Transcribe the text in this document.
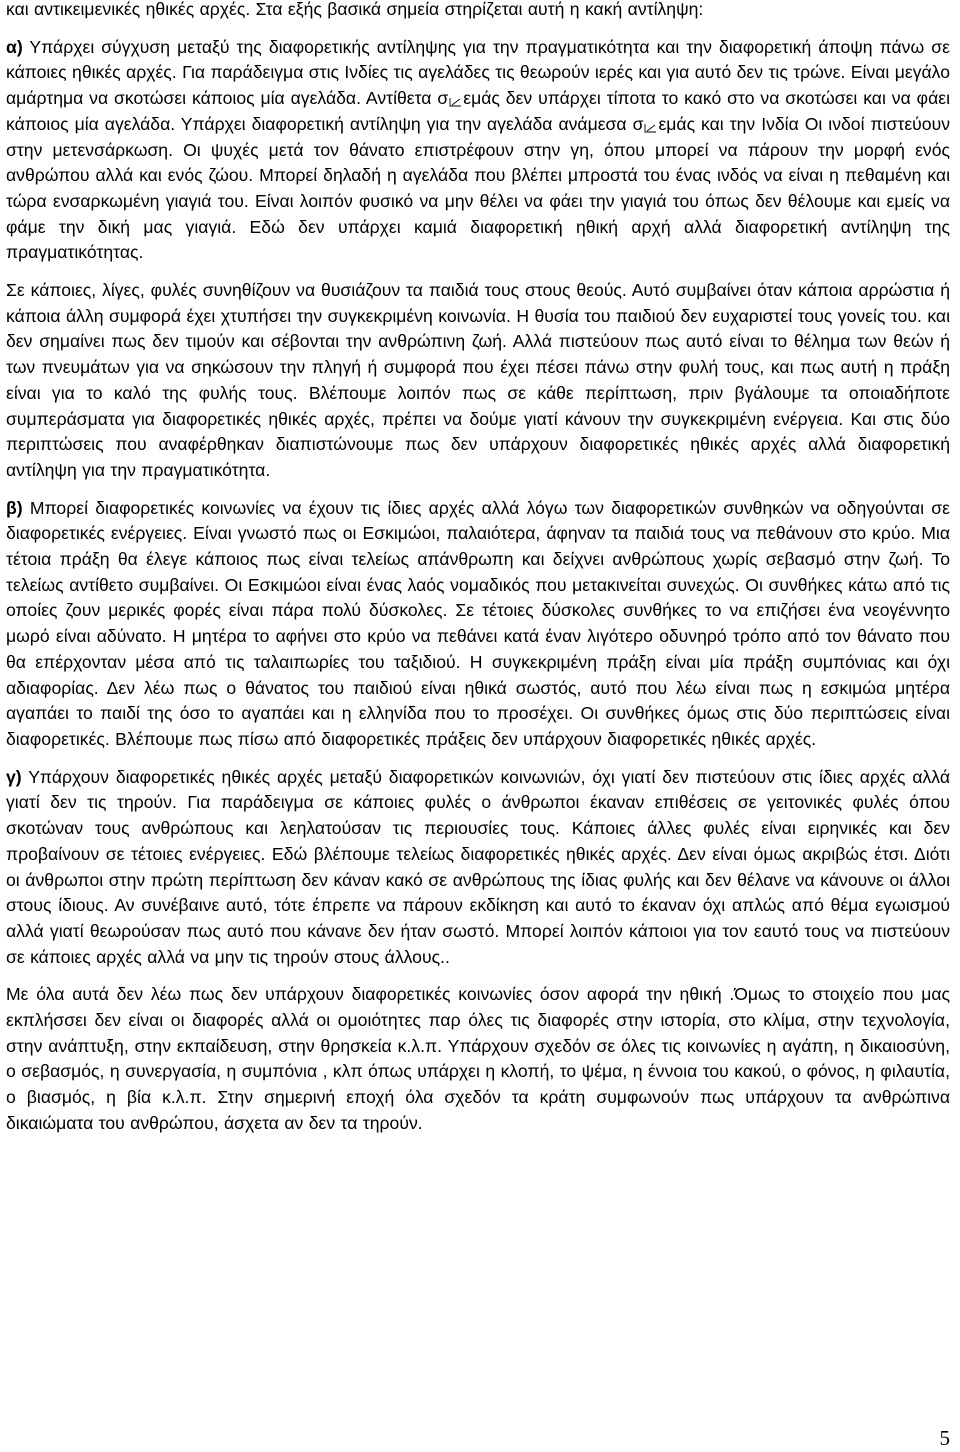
και αντικειμενικές ηθικές αρχές. Στα εξής βασικά σημεία στηρίζεται αυτή η κακή αντίληψη:

α) Υπάρχει σύγχυση μεταξύ της διαφορετικής αντίληψης για την πραγματικότητα και την διαφορετική άποψη πάνω σε κάποιες ηθικές αρχές. Για παράδειγμα στις Ινδίες τις αγελάδες τις θεωρούν ιερές και για αυτό δεν τις τρώνε. Είναι μεγάλο αμάρτημα να σκοτώσει κάποιος μία αγελάδα. Αντίθετα σ εμάς δεν υπάρχει τίποτα το κακό στο να σκοτώσει και να φάει κάποιος μία αγελάδα. Υπάρχει διαφορετική αντίληψη για την αγελάδα ανάμεσα σ εμάς και την Ινδία Οι ινδοί πιστεύουν στην μετενσάρκωση. Οι ψυχές μετά τον θάνατο επιστρέφουν στην γη, όπου μπορεί να πάρουν την μορφή ενός ανθρώπου αλλά και ενός ζώου. Μπορεί δηλαδή η αγελάδα που βλέπει μπροστά του ένας ινδός να είναι η πεθαμένη και τώρα ενσαρκωμένη γιαγιά του. Είναι λοιπόν φυσικό να μην θέλει να φάει την γιαγιά του όπως δεν θέλουμε και εμείς να φάμε την δική μας γιαγιά. Εδώ δεν υπάρχει καμιά διαφορετική ηθική αρχή αλλά διαφορετική αντίληψη της πραγματικότητας.

Σε κάποιες, λίγες, φυλές συνηθίζουν να θυσιάζουν τα παιδιά τους στους θεούς. Αυτό συμβαίνει όταν κάποια αρρώστια ή κάποια άλλη συμφορά έχει χτυπήσει την συγκεκριμένη κοινωνία. Η θυσία του παιδιού δεν ευχαριστεί τους γονείς του. και δεν σημαίνει πως δεν τιμούν και σέβονται την ανθρώπινη ζωή. Αλλά πιστεύουν πως αυτό είναι το θέλημα των θεών ή των πνευμάτων για να σηκώσουν την πληγή ή συμφορά που έχει πέσει πάνω στην φυλή τους, και πως αυτή η πράξη είναι για το καλό της φυλής τους. Βλέπουμε λοιπόν πως σε κάθε περίπτωση, πριν βγάλουμε τα οποιαδήποτε συμπεράσματα για διαφορετικές ηθικές αρχές, πρέπει να δούμε γιατί κάνουν την συγκεκριμένη ενέργεια. Και στις δύο περιπτώσεις που αναφέρθηκαν διαπιστώνουμε πως δεν υπάρχουν διαφορετικές ηθικές αρχές αλλά διαφορετική αντίληψη για την πραγματικότητα.

β) Μπορεί διαφορετικές κοινωνίες να έχουν τις ίδιες αρχές αλλά λόγω των διαφορετικών συνθηκών να οδηγούνται σε διαφορετικές ενέργειες. Είναι γνωστό πως οι Εσκιμώοι, παλαιότερα, άφηναν τα παιδιά τους να πεθάνουν στο κρύο. Μια τέτοια πράξη θα έλεγε κάποιος πως είναι τελείως απάνθρωπη και δείχνει ανθρώπους χωρίς σεβασμό στην ζωή. Το τελείως αντίθετο συμβαίνει. Οι Εσκιμώοι είναι ένας λαός νομαδικός που μετακινείται συνεχώς. Οι συνθήκες κάτω από τις οποίες ζουν μερικές φορές είναι πάρα πολύ δύσκολες. Σε τέτοιες δύσκολες συνθήκες το να επιζήσει ένα νεογέννητο μωρό είναι αδύνατο. Η μητέρα το αφήνει στο κρύο να πεθάνει κατά έναν λιγότερο οδυνηρό τρόπο από τον θάνατο που θα επέρχονταν μέσα από τις ταλαιπωρίες του ταξιδιού. Η συγκεκριμένη πράξη είναι μία πράξη συμπόνιας και όχι αδιαφορίας. Δεν λέω πως ο θάνατος του παιδιού είναι ηθικά σωστός, αυτό που λέω είναι πως η εσκιμώα μητέρα αγαπάει το παιδί της όσο το αγαπάει και η ελληνίδα που το προσέχει. Οι συνθήκες όμως στις δύο περιπτώσεις είναι διαφορετικές. Βλέπουμε πως πίσω από διαφορετικές πράξεις δεν υπάρχουν διαφορετικές ηθικές αρχές.

γ) Υπάρχουν διαφορετικές ηθικές αρχές μεταξύ διαφορετικών κοινωνιών, όχι γιατί δεν πιστεύουν στις ίδιες αρχές αλλά γιατί δεν τις τηρούν. Για παράδειγμα σε κάποιες φυλές ο άνθρωποι έκαναν επιθέσεις σε γειτονικές φυλές όπου σκοτώναν τους ανθρώπους και λεηλατούσαν τις περιουσίες τους. Κάποιες άλλες φυλές είναι ειρηνικές και δεν προβαίνουν σε τέτοιες ενέργειες. Εδώ βλέπουμε τελείως διαφορετικές ηθικές αρχές. Δεν είναι όμως ακριβώς έτσι. Διότι οι άνθρωποι στην πρώτη περίπτωση δεν κάναν κακό σε ανθρώπους της ίδιας φυλής και δεν θέλανε να κάνουνε οι άλλοι στους ίδιους. Αν συνέβαινε αυτό, τότε έπρεπε να πάρουν εκδίκηση και αυτό το έκαναν όχι απλώς από θέμα εγωισμού αλλά γιατί θεωρούσαν πως αυτό που κάνανε δεν ήταν σωστό. Μπορεί λοιπόν κάποιοι για τον εαυτό τους να πιστεύουν σε κάποιες αρχές αλλά να μην τις τηρούν στους άλλους..

Με όλα αυτά δεν λέω πως δεν υπάρχουν διαφορετικές κοινωνίες όσον αφορά την ηθική .Όμως το στοιχείο που μας εκπλήσσει δεν είναι οι διαφορές αλλά οι ομοιότητες παρ όλες τις διαφορές στην ιστορία, στο κλίμα, στην τεχνολογία, στην ανάπτυξη, στην εκπαίδευση, στην θρησκεία κ.λ.π. Υπάρχουν σχεδόν σε όλες τις κοινωνίες η αγάπη, η δικαιοσύνη, ο σεβασμός, η συνεργασία, η συμπόνια , κλπ όπως υπάρχει η κλοπή, το ψέμα, η έννοια του κακού, ο φόνος, η φιλαυτία, ο βιασμός, η βία κ.λ.π. Στην σημερινή εποχή όλα σχεδόν τα κράτη συμφωνούν πως υπάρχουν τα ανθρώπινα δικαιώματα του ανθρώπου, άσχετα αν δεν τα τηρούν.

5
